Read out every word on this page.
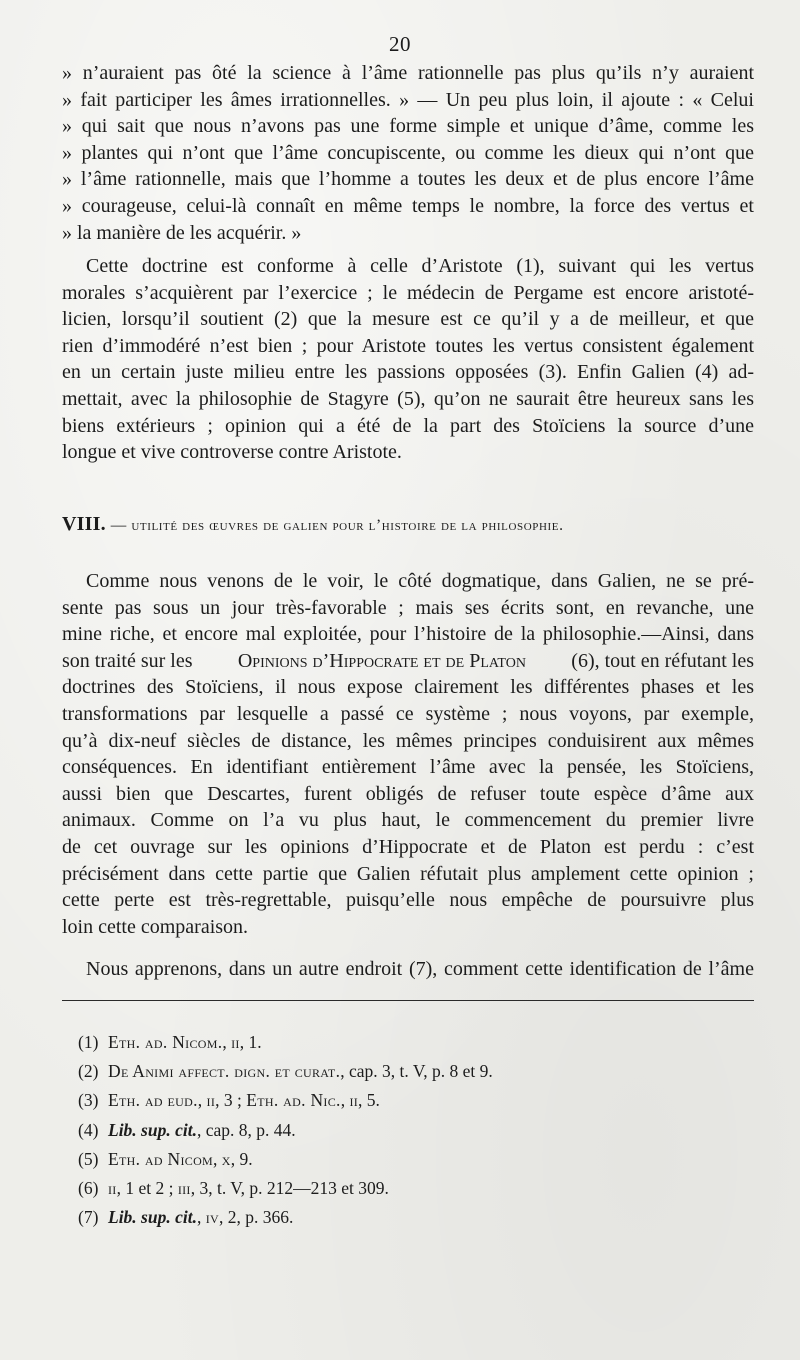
20
» n’auraient pas ôté la science à l’âme rationnelle pas plus qu’ils n’y auraient
» fait participer les âmes irrationnelles. » — Un peu plus loin, il ajoute : « Celui
» qui sait que nous n’avons pas une forme simple et unique d’âme, comme les
» plantes qui n’ont que l’âme concupiscente, ou comme les dieux qui n’ont que
» l’âme rationnelle, mais que l’homme a toutes les deux et de plus encore l’âme
» courageuse, celui-là connaît en même temps le nombre, la force des vertus et
» la manière de les acquérir. »
Cette doctrine est conforme à celle d’Aristote (1), suivant qui les vertus
morales s’acquièrent par l’exercice ; le médecin de Pergame est encore aristoté-
licien, lorsqu’il soutient (2) que la mesure est ce qu’il y a de meilleur, et que
rien d’immodéré n’est bien ; pour Aristote toutes les vertus consistent également
en un certain juste milieu entre les passions opposées (3). Enfin Galien (4) ad-
mettait, avec la philosophie de Stagyre (5), qu’on ne saurait être heureux sans les
biens extérieurs ; opinion qui a été de la part des Stoïciens la source d’une
longue et vive controverse contre Aristote.
VIII. — utilité des œuvres de galien pour l’histoire de la philosophie.
Comme nous venons de le voir, le côté dogmatique, dans Galien, ne se pré-
sente pas sous un jour très-favorable ; mais ses écrits sont, en revanche, une
mine riche, et encore mal exploitée, pour l’histoire de la philosophie.—Ainsi, dans
son traité sur les Opinions d’Hippocrate et de Platon (6), tout en réfutant les
doctrines des Stoïciens, il nous expose clairement les différentes phases et les
transformations par lesquelle a passé ce système ; nous voyons, par exemple,
qu’à dix-neuf siècles de distance, les mêmes principes conduisirent aux mêmes
conséquences. En identifiant entièrement l’âme avec la pensée, les Stoïciens,
aussi bien que Descartes, furent obligés de refuser toute espèce d’âme aux
animaux. Comme on l’a vu plus haut, le commencement du premier livre
de cet ouvrage sur les opinions d’Hippocrate et de Platon est perdu : c’est
précisément dans cette partie que Galien réfutait plus amplement cette opinion ;
cette perte est très-regrettable, puisqu’elle nous empêche de poursuivre plus
loin cette comparaison.
Nous apprenons, dans un autre endroit (7), comment cette identification de l’âme
(1) Eth. ad. Nicom., ii, 1.
(2) De Animi affect. dign. et curat., cap. 3, t. V, p. 8 et 9.
(3) Eth. ad eud., ii, 3 ; Eth. ad. Nic., ii, 5.
(4) Lib. sup. cit., cap. 8, p. 44.
(5) Eth. ad Nicom, x, 9.
(6) ii, 1 et 2 ; iii, 3, t. V, p. 212—213 et 309.
(7) Lib. sup. cit., iv, 2, p. 366.
